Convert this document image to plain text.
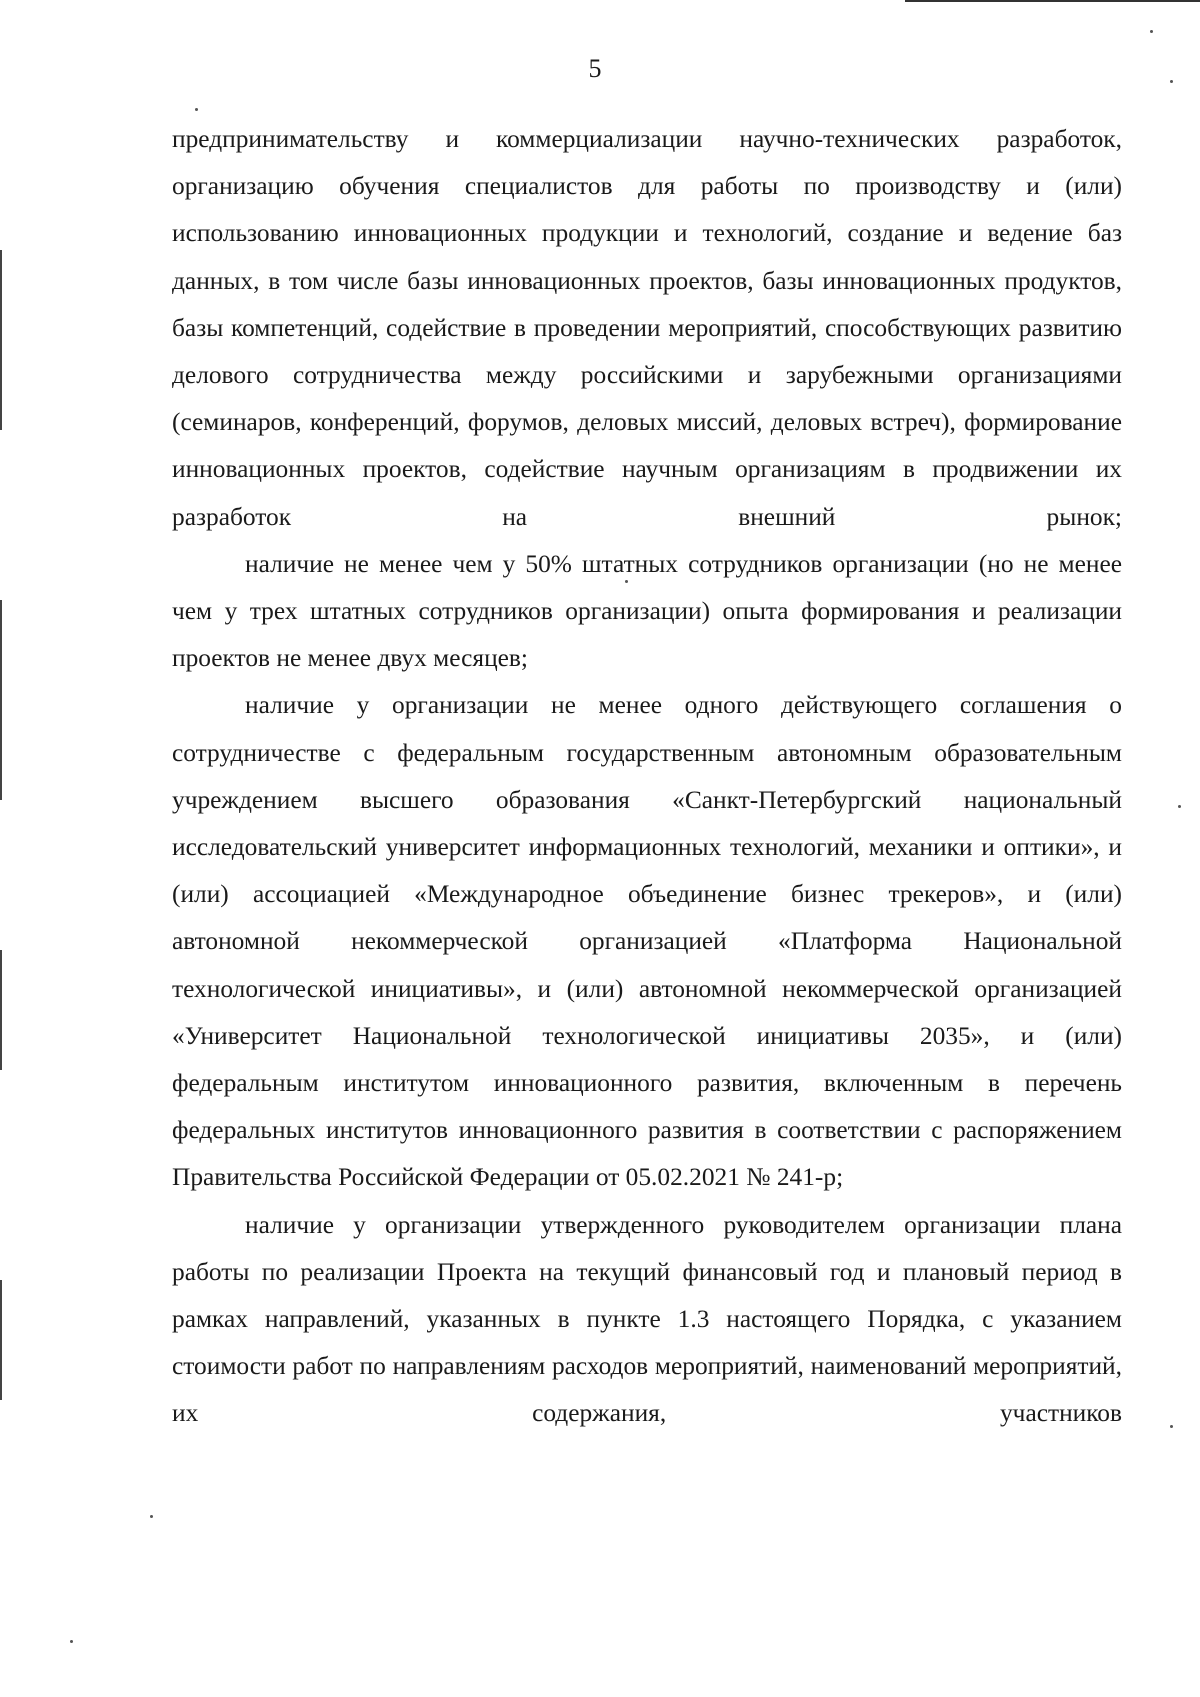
5

предпринимательству и коммерциализации научно-технических разработок, организацию обучения специалистов для работы по производству и (или) использованию инновационных продукции и технологий, создание и ведение баз данных, в том числе базы инновационных проектов, базы инновационных продуктов, базы компетенций, содействие в проведении мероприятий, способствующих развитию делового сотрудничества между российскими и зарубежными организациями (семинаров, конференций, форумов, деловых миссий, деловых встреч), формирование инновационных проектов, содействие научным организациям в продвижении их разработок на внешний рынок;

наличие не менее чем у 50% штатных сотрудников организации (но не менее чем у трех штатных сотрудников организации) опыта формирования и реализации проектов не менее двух месяцев;

наличие у организации не менее одного действующего соглашения о сотрудничестве с федеральным государственным автономным образовательным учреждением высшего образования «Санкт-Петербургский национальный исследовательский университет информационных технологий, механики и оптики», и (или) ассоциацией «Международное объединение бизнес трекеров», и (или) автономной некоммерческой организацией «Платформа Национальной технологической инициативы», и (или) автономной некоммерческой организацией «Университет Национальной технологической инициативы 2035», и (или) федеральным институтом инновационного развития, включенным в перечень федеральных институтов инновационного развития в соответствии с распоряжением Правительства Российской Федерации от 05.02.2021 № 241-р;

наличие у организации утвержденного руководителем организации плана работы по реализации Проекта на текущий финансовый год и плановый период в рамках направлений, указанных в пункте 1.3 настоящего Порядка, с указанием стоимости работ по направлениям расходов мероприятий, наименований мероприятий, их содержания, участников
